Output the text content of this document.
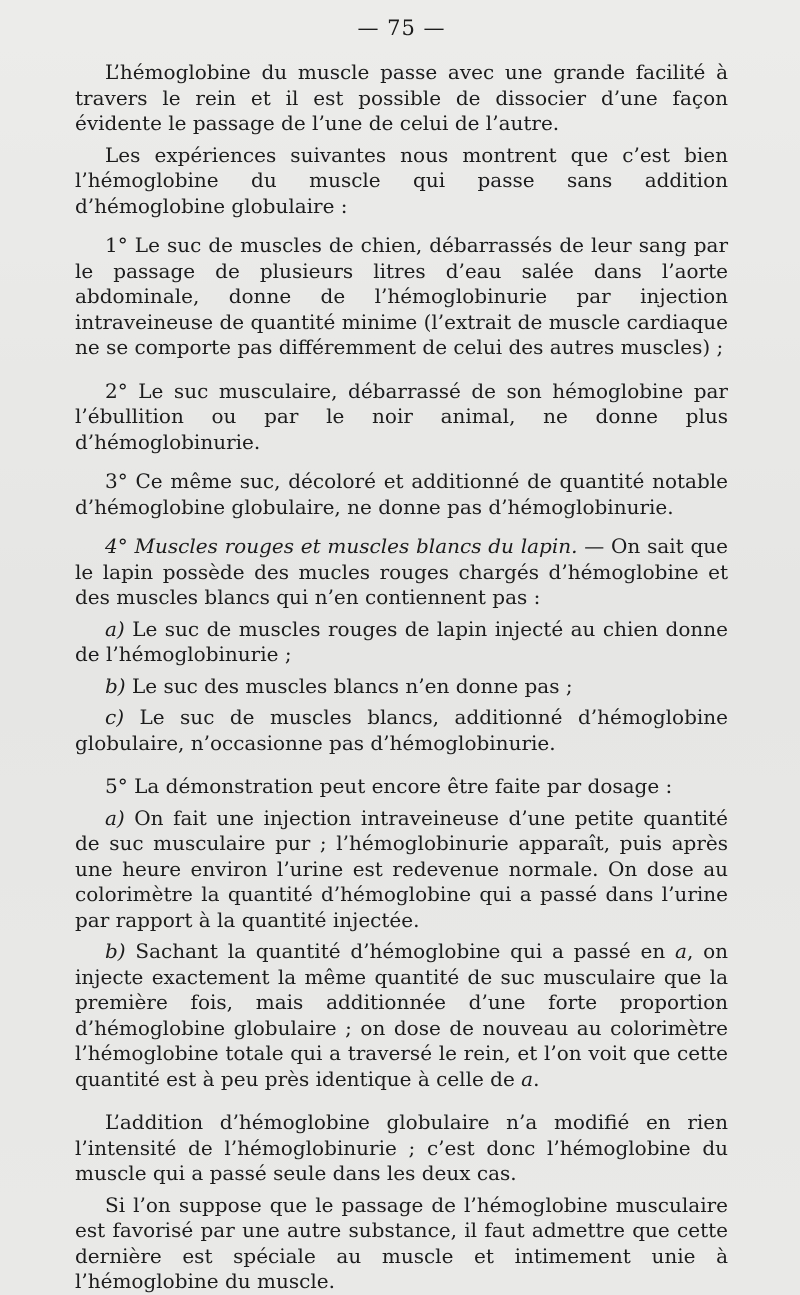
— 75 —

L’hémoglobine du muscle passe avec une grande facilité à travers le rein et il est possible de dissocier d’une façon évidente le passage de l’une de celui de l’autre.

Les expériences suivantes nous montrent que c’est bien l’hémoglobine du muscle qui passe sans addition d’hémoglobine globulaire :

1° Le suc de muscles de chien, débarrassés de leur sang par le passage de plusieurs litres d’eau salée dans l’aorte abdominale, donne de l’hémoglobinurie par injection intraveineuse de quantité minime (l’extrait de muscle cardiaque ne se comporte pas différemment de celui des autres muscles) ;

2° Le suc musculaire, débarrassé de son hémoglobine par l’ébullition ou par le noir animal, ne donne plus d’hémoglobinurie.

3° Ce même suc, décoloré et additionné de quantité notable d’hémoglobine globulaire, ne donne pas d’hémoglobinurie.

4° Muscles rouges et muscles blancs du lapin. — On sait que le lapin possède des mucles rouges chargés d’hémoglobine et des muscles blancs qui n’en contiennent pas :

a) Le suc de muscles rouges de lapin injecté au chien donne de l’hémoglobinurie ;

b) Le suc des muscles blancs n’en donne pas ;

c) Le suc de muscles blancs, additionné d’hémoglobine globulaire, n’occasionne pas d’hémoglobinurie.

5° La démonstration peut encore être faite par dosage :

a) On fait une injection intraveineuse d’une petite quantité de suc musculaire pur ; l’hémoglobinurie apparaît, puis après une heure environ l’urine est redevenue normale. On dose au colorimètre la quantité d’hémoglobine qui a passé dans l’urine par rapport à la quantité injectée.

b) Sachant la quantité d’hémoglobine qui a passé en a, on injecte exactement la même quantité de suc musculaire que la première fois, mais additionnée d’une forte proportion d’hémoglobine globulaire ; on dose de nouveau au colorimètre l’hémoglobine totale qui a traversé le rein, et l’on voit que cette quantité est à peu près identique à celle de a.

L’addition d’hémoglobine globulaire n’a modifié en rien l’intensité de l’hémoglobinurie ; c’est donc l’hémoglobine du muscle qui a passé seule dans les deux cas.

Si l’on suppose que le passage de l’hémoglobine musculaire est favorisé par une autre substance, il faut admettre que cette dernière est spéciale au muscle et intimement unie à l’hémoglobine du muscle.
